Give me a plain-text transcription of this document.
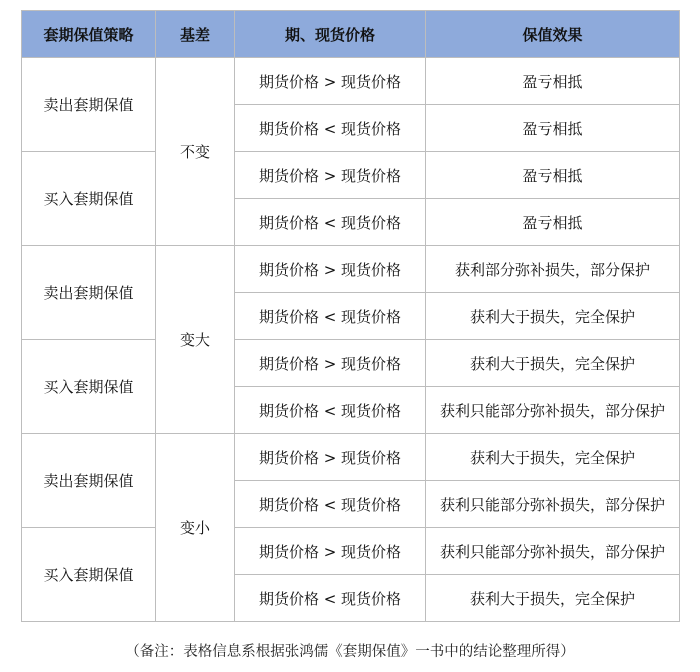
套期保值策略	基差	期、现货价格	保值效果
卖出套期保值	不变	期货价格 > 现货价格	盈亏相抵
		期货价格 < 现货价格	盈亏相抵
买入套期保值		期货价格 > 现货价格	盈亏相抵
		期货价格 < 现货价格	盈亏相抵
卖出套期保值	变大	期货价格 > 现货价格	获利部分弥补损失，部分保护
		期货价格 < 现货价格	获利大于损失，完全保护
买入套期保值		期货价格 > 现货价格	获利大于损失，完全保护
		期货价格 < 现货价格	获利只能部分弥补损失，部分保护
卖出套期保值	变小	期货价格 > 现货价格	获利大于损失，完全保护
		期货价格 < 现货价格	获利只能部分弥补损失，部分保护
买入套期保值		期货价格 > 现货价格	获利只能部分弥补损失，部分保护
		期货价格 < 现货价格	获利大于损失，完全保护
（备注：表格信息系根据张鸿儒《套期保值》一书中的结论整理所得）
